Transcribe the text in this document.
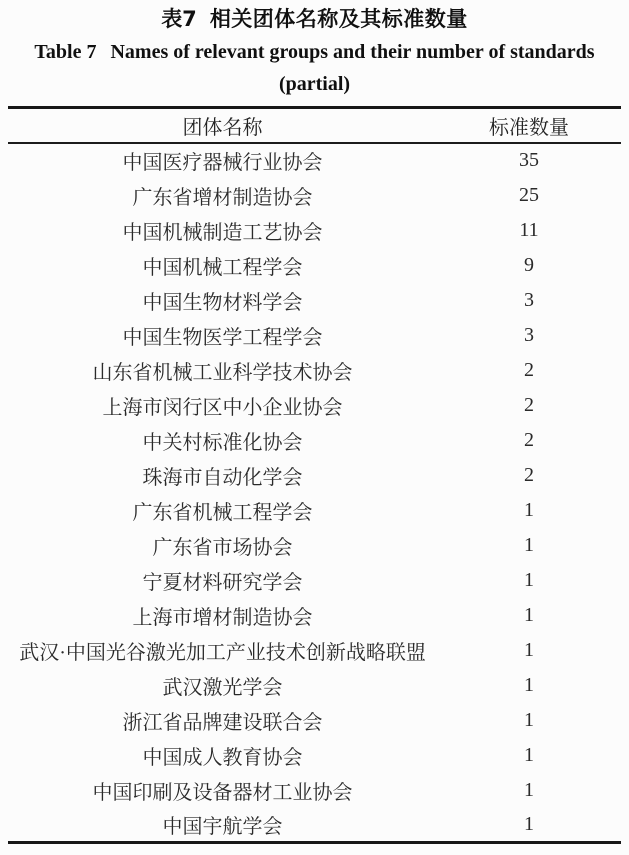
表7 相关团体名称及其标准数量
Table 7 Names of relevant groups and their number of standards
(partial)
团体名称	标准数量
中国医疗器械行业协会	35
广东省增材制造协会	25
中国机械制造工艺协会	11
中国机械工程学会	9
中国生物材料学会	3
中国生物医学工程学会	3
山东省机械工业科学技术协会	2
上海市闵行区中小企业协会	2
中关村标准化协会	2
珠海市自动化学会	2
广东省机械工程学会	1
广东省市场协会	1
宁夏材料研究学会	1
上海市增材制造协会	1
武汉·中国光谷激光加工产业技术创新战略联盟	1
武汉激光学会	1
浙江省品牌建设联合会	1
中国成人教育协会	1
中国印刷及设备器材工业协会	1
中国宇航学会	1
